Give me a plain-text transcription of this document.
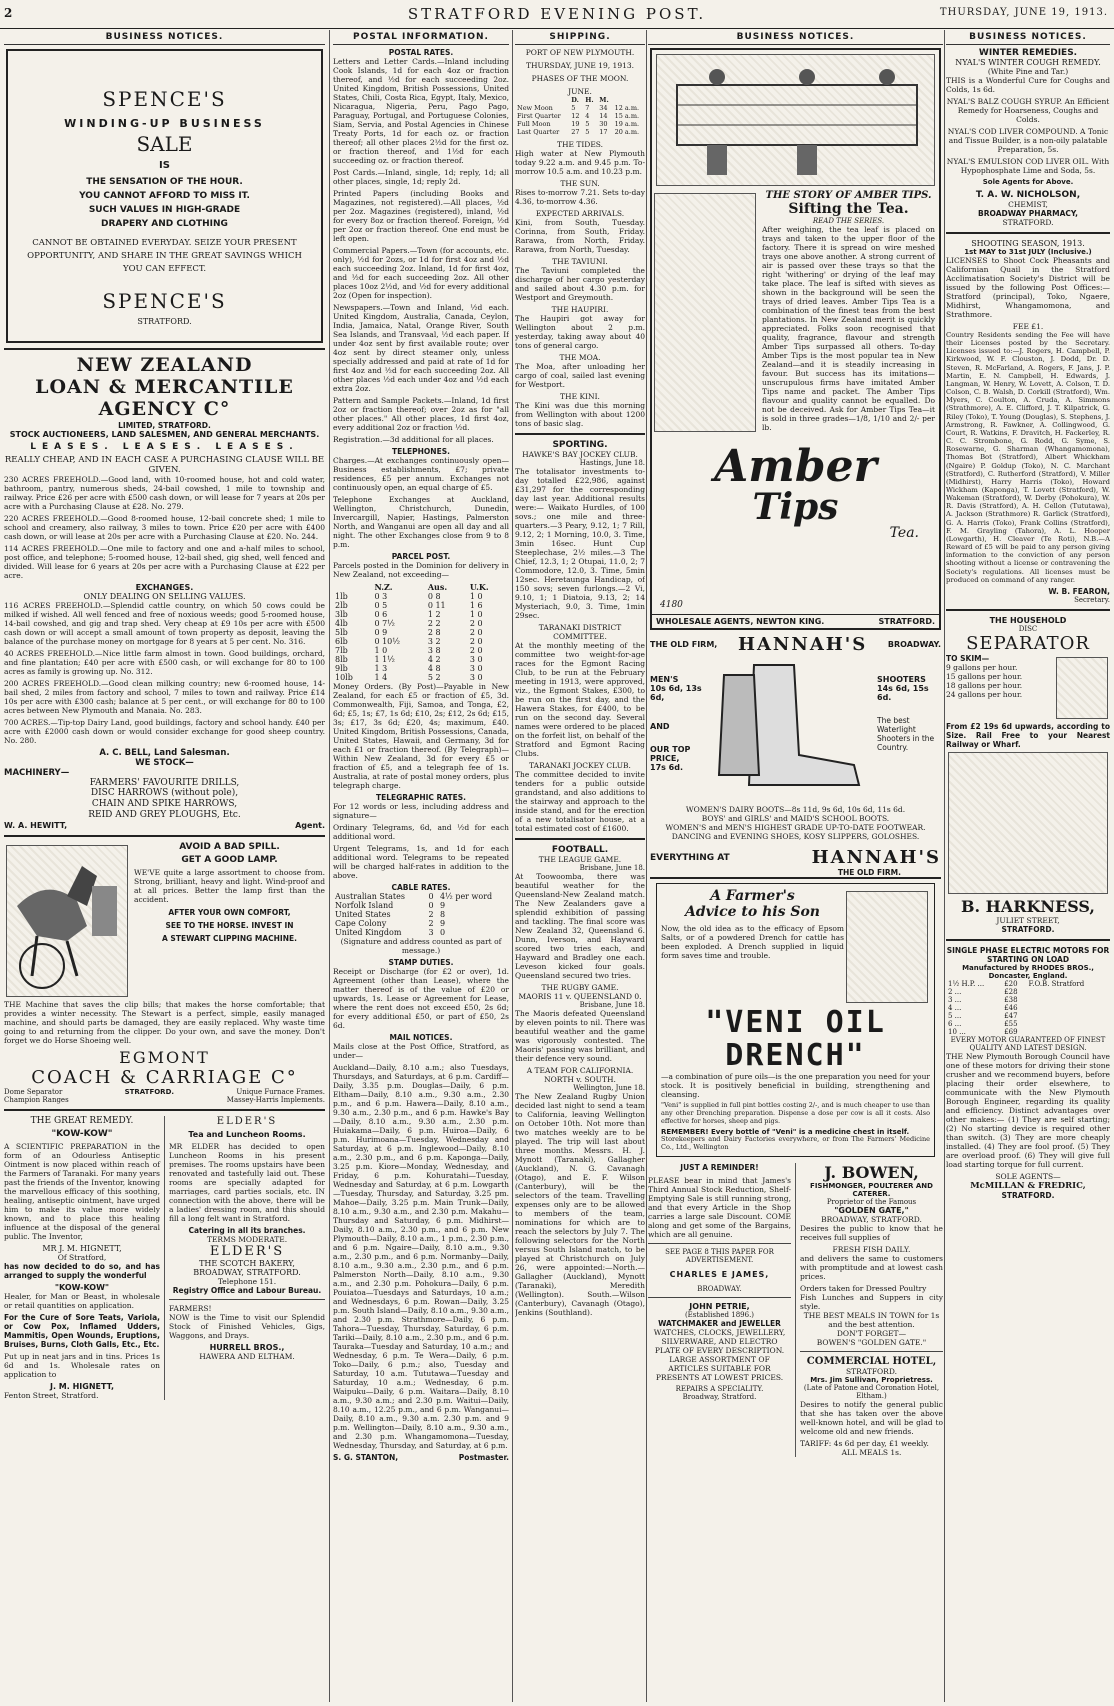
2	STRATFORD EVENING POST.	THURSDAY, JUNE 19, 1913.
BUSINESS NOTICES.
SPENCE'S
WINDING-UP BUSINESS
SALE
IS
THE SENSATION OF THE HOUR.
YOU CANNOT AFFORD TO MISS IT.
SUCH VALUES IN HIGH-GRADE
DRAPERY AND CLOTHING
CANNOT BE OBTAINED EVERYDAY. SEIZE YOUR PRESENT OPPORTUNITY, AND SHARE IN THE GREAT SAVINGS WHICH YOU CAN EFFECT.
SPENCE'S
STRATFORD.
NEW ZEALAND
LOAN & MERCANTILE
AGENCY C°
LIMITED, STRATFORD.
STOCK AUCTIONEERS, LAND SALESMEN, AND GENERAL MERCHANTS.
LEASES. LEASES. LEASES.
REALLY CHEAP, AND IN EACH CASE A PURCHASING CLAUSE WILL BE GIVEN.

230 ACRES FREEHOLD.—Good land, with 10-roomed house, hot and cold water, bathroom, pantry, numerous sheds, 24-bail cowshed, 1 mile to township and railway. Price £26 per acre with £500 cash down, or will lease for 7 years at 20s per acre with a Purchasing Clause at £28. No. 279.

220 ACRES FREEHOLD.—Good 8-roomed house, 12-bail concrete shed; 1 mile to school and creamery, also railway, 3 miles to town. Price £20 per acre with £400 cash down, or will lease at 20s per acre with a Purchasing Clause at £20. No. 244.

114 ACRES FREEHOLD.—One mile to factory and one and a-half miles to school, post office, and telephone; 5-roomed house, 12-bail shed, gig shed, well fenced and divided. Will lease for 6 years at 20s per acre with a Purchasing Clause at £22 per acre.

EXCHANGES.
ONLY DEALING ON SELLING VALUES.

116 ACRES FREEHOLD.—Splendid cattle country, on which 50 cows could be milked if wished. All well fenced and free of noxious weeds; good 5-roomed house, 14-bail cowshed, and gig and trap shed. Very cheap at £9 10s per acre with £500 cash down or will accept a small amount of town property as deposit, leaving the balance of the purchase money on mortgage for 8 years at 5 per cent. No. 316.

40 ACRES FREEHOLD.—Nice little farm almost in town. Good buildings, orchard, and fine plantation; £40 per acre with £500 cash, or will exchange for 80 to 100 acres as family is growing up. No. 312.

200 ACRES FREEHOLD.—Good clean milking country; new 6-roomed house, 14-bail shed, 2 miles from factory and school, 7 miles to town and railway. Price £14 10s per acre with £300 cash; balance at 5 per cent., or will exchange for 80 to 100 acres between New Plymouth and Manaia. No. 283.

700 ACRES.—Tip-top Dairy Land, good buildings, factory and school handy. £40 per acre with £2000 cash down or would consider exchange for good sheep country. No. 280.

A. C. BELL, Land Salesman.
WE STOCK—
MACHINERY—
FARMERS' FAVOURITE DRILLS,
DISC HARROWS (without pole),
CHAIN AND SPIKE HARROWS,
REID AND GREY PLOUGHS, Etc.
W. A. HEWITT,	Agent.
AVOID A BAD SPILL.
GET A GOOD LAMP.

WE'VE quite a large assortment to choose from. Strong, brilliant, heavy and light. Wind-proof and at all prices. Better the lamp first than the accident.

AFTER YOUR OWN COMFORT,
SEE TO THE HORSE. INVEST IN
A STEWART CLIPPING MACHINE.

THE Machine that saves the clip bills; that makes the horse comfortable; that provides a winter necessity. The Stewart is a perfect, simple, easily managed machine, and should parts be damaged, they are easily replaced. Why waste time going to and returning from the clipper. Do your own, and save the money. Don't forget we do Horse Shoeing well.

EGMONT
COACH & CARRIAGE C°
Dome Separator	STRATFORD.	Unique Furnace Frames.
Champion Ranges	Massey-Harris Implements.
THE GREAT REMEDY.
"KOW-KOW"

A SCIENTIFIC PREPARATION in the form of an Odourless Antiseptic Ointment is now placed within reach of the Farmers of Taranaki. For many years past the friends of the Inventor, knowing the marvellous efficacy of this soothing, healing, antiseptic ointment, have urged him to make its value more widely known, and to place this healing influence at the disposal of the general public. The Inventor,

MR J. M. HIGNETT,
Of Stratford,

has now decided to do so, and has arranged to supply the wonderful

"KOW-KOW"

Healer, for Man or Beast, in wholesale or retail quantities on application.

For the Cure of Sore Teats, Variola, or Cow Pox, Inflamed Udders, Mammitis, Open Wounds, Eruptions, Bruises, Burns, Cloth Galls, Etc., Etc.

Put up in neat jars and in tins. Prices 1s 6d and 1s. Wholesale rates on application to

J. M. HIGNETT,
Fenton Street, Stratford.
ELDER'S
Tea and Luncheon Rooms.

MR ELDER has decided to open Luncheon Rooms in his present premises. The rooms upstairs have been renovated and tastefully laid out. These rooms are specially adapted for marriages, card parties socials, etc. IN connection with the above, there will be a ladies' dressing room, and this should fill a long felt want in Stratford.

Catering in all its branches.
TERMS MODERATE.
ELDER'S
THE SCOTCH BAKERY,
BROADWAY, STRATFORD.
Telephone 151.
Registry Office and Labour Bureau.
FARMERS!

NOW is the Time to visit our Splendid Stock of Finished Vehicles, Gigs, Waggons, and Drays.

HURRELL BROS.,
HAWERA AND ELTHAM.
POSTAL INFORMATION.
POSTAL RATES.

Letters and Letter Cards.—Inland including Cook Islands, 1d for each 4oz or fraction thereof, and ½d for each succeeding 2oz. United Kingdom, British Possessions, United States, Chili, Costa Rica, Egypt, Italy, Mexico, Nicaragua, Nigeria, Peru, Pago Pago, Paraguay, Portugal, and Portuguese Colonies, Siam, Servia, and Postal Agencies in Chinese Treaty Ports, 1d for each oz. or fraction thereof; all other places 2½d for the first oz. or fraction thereof, and 1½d for each succeeding oz. or fraction thereof.

Post Cards.—Inland, single, 1d; reply, 1d; all other places, single, 1d; reply 2d.

Printed Papers (including Books and Magazines, not registered).—All places, ½d per 2oz. Magazines (registered), inland, ½d for every 8oz or fraction thereof. Foreign, ½d per 2oz or fraction thereof. One end must be left open.

Commercial Papers.—Town (for accounts, etc. only), ½d for 2ozs, or 1d for first 4oz and ½d each succeeding 2oz. Inland, 1d for first 4oz, and ½d for each succeeding 2oz. All other places 10oz 2½d, and ½d for every additional 2oz (Open for inspection).

Newspapers.—Town and Inland, ½d each. United Kingdom, Australia, Canada, Ceylon, India, Jamaica, Natal, Orange River, South Sea Islands, and Transvaal, ½d each paper. If under 4oz sent by first available route; over 4oz sent by direct steamer only, unless specially addressed and paid at rate of 1d for first 4oz and ½d for each succeeding 2oz. All other places ½d each under 4oz and ½d each extra 2oz.

Pattern and Sample Packets.—Inland, 1d first 2oz or fraction thereof; over 2oz as for "all other places." All other places, 1d first 4oz, every additional 2oz or fraction ½d.

Registration.—3d additional for all places.

TELEPHONES.

Charges.—At exchanges continuously open—Business establishments, £7; private residences, £5 per annum. Exchanges not continuously open, an equal charge of £5.

Telephone Exchanges at Auckland, Wellington, Christchurch, Dunedin, Invercargill, Napier, Hastings, Palmerston North, and Wanganui are open all day and all night. The other Exchanges close from 9 to 8 p.m.

PARCEL POST.

Parcels posted in the Dominion for delivery in New Zealand, not exceeding—

	N.Z.	Aus.	U.K.
1lb	0 3	0 8	1 0
2lb	0 5	0 11	1 6
3lb	0 6	1 2	1 0
4lb	0 7½	2 2	2 0
5lb	0 9	2 8	2 0
6lb	0 10½	3 2	2 0
7lb	1 0	3 8	2 0
8lb	1 1½	4 2	3 0
9lb	1 3	4 8	3 0
10lb	1 4	5 2	3 0

Money Orders. (By Post)—Payable in New Zealand, for each £5 or fraction of £5, 3d. Commonwealth, Fiji, Samoa, and Tonga, £2, 6d; £5, 1s; £7, 1s 6d; £10, 2s; £12, 2s 6d; £15, 3s; £17, 3s 6d; £20, 4s; maximum, £40. United Kingdom, British Possessions, Canada, United States, Hawaii, and Germany, 3d for each £1 or fraction thereof. (By Telegraph)—Within New Zealand, 3d for every £5 or fraction of £5, and a telegraph fee of 1s. Australia, at rate of postal money orders, plus telegraph charge.

TELEGRAPHIC RATES.

For 12 words or less, including address and signature—

Ordinary Telegrams, 6d, and ½d for each additional word.

Urgent Telegrams, 1s, and 1d for each additional word. Telegrams to be repeated will be charged half-rates in addition to the above.

CABLE RATES.
Australian States	0	4½ per word
Norfolk Island	0	9
United States	2	8
Cape Colony	2	9
United Kingdom	3	0

(Signature and address counted as part of message.)

STAMP DUTIES.

Receipt or Discharge (for £2 or over), 1d. Agreement (other than Lease), where the matter thereof is of the value of £20 or upwards, 1s. Lease or Agreement for Lease, where the rent does not exceed £50, 2s 6d; for every additional £50, or part of £50, 2s 6d.

MAIL NOTICES.

Mails close at the Post Office, Stratford, as under—

Auckland—Daily, 8.10 a.m.; also Tuesdays, Thursdays, and Saturdays, at 6 p.m. Cardiff—Daily, 3.35 p.m. Douglas—Daily, 6 p.m. Eltham—Daily, 8.10 a.m., 9.30 a.m., 2.30 p.m., and 6 p.m. Hawera—Daily, 8.10 a.m., 9.30 a.m., 2.30 p.m., and 6 p.m. Hawke's Bay—Daily, 8.10 a.m., 9.30 a.m., 2.30 p.m. Huiakama—Daily, 6 p.m. Huiroa—Daily, 6 p.m. Hurimoana—Tuesday, Wednesday and Saturday, at 6 p.m. Inglewood—Daily, 8.10 a.m., 2.30 p.m., and 6 p.m. Kaponga—Daily, 3.25 p.m. Kiore—Monday, Wednesday, and Friday, 6 p.m. Kohuratahi—Tuesday, Wednesday and Saturday, at 6 p.m. Lowgarth—Tuesday, Thursday, and Saturday, 3.25 pm. Mahoe—Daily, 3.25 p.m. Main Trunk—Daily, 8.10 a.m., 9.30 a.m., and 2.30 p.m. Makahu—Thursday and Saturday, 6 p.m. Midhirst—Daily, 8.10 a.m., 2.30 p.m., and 6 p.m. New Plymouth—Daily, 8.10 a.m., 1 p.m., 2.30 p.m., and 6 p.m. Ngaire—Daily, 8.10 a.m., 9.30 a.m., 2.30 p.m., and 6 p.m. Normanby—Daily, 8.10 a.m., 9.30 a.m., 2.30 p.m., and 6 p.m. Palmerston North—Daily, 8.10 a.m., 9.30 a.m., and 2.30 p.m. Pohokura—Daily, 6 p.m. Pouiatoa—Tuesdays and Saturdays, 10 a.m.; and Wednesdays, 6 p.m. Rowan—Daily, 3.25 p.m. South Island—Daily, 8.10 a.m., 9.30 a.m., and 2.30 p.m. Strathmore—Daily, 6 p.m. Tahora—Tuesday, Thursday, Saturday, 6 p.m. Tariki—Daily, 8.10 a.m., 2.30 p.m., and 6 p.m. Tauraka—Tuesday and Saturday, 10 a.m.; and Wednesday, 6 p.m. Te Wera—Daily, 6 p.m. Toko—Daily, 6 p.m.; also, Tuesday and Saturday, 10 a.m. Tututawa—Tuesday and Saturday, 10 a.m.; Wednesday, 6 p.m. Waipuku—Daily, 6 p.m. Waitara—Daily, 8.10 a.m., 9.30 a.m.; and 2.30 p.m. Waitui—Daily, 8.10 a.m., 12.25 p.m., and 6 p.m. Wanganui—Daily, 8.10 a.m., 9.30 a.m. 2.30 p.m. and 9 p.m. Wellington—Daily, 8.10 a.m., 9.30 a.m., and 2.30 p.m. Whangamomona—Tuesday, Wednesday, Thursday, and Saturday, at 6 p.m.

S. G. STANTON,	Postmaster.
SHIPPING.
PORT OF NEW PLYMOUTH.
THURSDAY, JUNE 19, 1913.
PHASES OF THE MOON.
JUNE.
	D.	H.	M.	
New Moon	5	7	34	12 a.m.
First Quarter	12	4	14	15 a.m.
Full Moon	19	5	30	19 a.m.
Last Quarter	27	5	17	20 a.m.
THE TIDES.

High water at New Plymouth today 9.22 a.m. and 9.45 p.m. To-morrow 10.5 a.m. and 10.23 p.m.

THE SUN.

Rises to-morrow 7.21. Sets to-day 4.36, to-morrow 4.36.

EXPECTED ARRIVALS.

Kini, from South, Tuesday. Corinna, from South, Friday. Rarawa, from North, Friday. Rarawa, from North, Tuesday.

THE TAVIUNI.

The Taviuni completed the discharge of her cargo yesterday and sailed about 4.30 p.m. for Westport and Greymouth.

THE HAUPIRI.

The Haupiri got away for Wellington about 2 p.m. yesterday, taking away about 40 tons of general cargo.

THE MOA.

The Moa, after unloading her cargo of coal, sailed last evening for Westport.

THE KINI.

The Kini was due this morning from Wellington with about 1200 tons of basic slag.

SPORTING.
HAWKE'S BAY JOCKEY CLUB.
Hastings, June 18.

The totalisator investments to-day totalled £22,986, against £31,297 for the corresponding day last year. Additional results were:— Waikato Hurdles, of 100 sovs.; one mile and three-quarters.—3 Peary, 9.12, 1; 7 Rill, 9.12, 2; 1 Morning, 10.0, 3. Time, 3min 16sec. Hunt Cup Steeplechase, 2½ miles.—3 The Chief, 12.3, 1; 2 Otupai, 11.0, 2; 7 Commodore, 12.0, 3. Time, 5min 12sec. Heretaunga Handicap, of 150 sovs; seven furlongs.—2 Vi, 9.10, 1; 1 Diatoia, 9.13, 2; 14 Mysteriach, 9.0, 3. Time, 1min 29sec.

TARANAKI DISTRICT COMMITTEE.

At the monthly meeting of the committee two weight-for-age races for the Egmont Racing Club, to be run at the February meeting in 1913, were approved, viz., the Egmont Stakes, £300, to be run on the first day, and the Hawera Stakes, for £400, to be run on the second day. Several names were ordered to be placed on the forfeit list, on behalf of the Stratford and Egmont Racing Clubs.

TARANAKI JOCKEY CLUB.

The committee decided to invite tenders for a public outside grandstand, and also additions to the stairway and approach to the inside stand, and for the erection of a new totalisator house, at a total estimated cost of £1600.

FOOTBALL.
THE LEAGUE GAME.
Brisbane, June 18.

At Toowoomba, there was beautiful weather for the Queensland-New Zealand match. The New Zealanders gave a splendid exhibition of passing and tackling. The final score was New Zealand 32, Queensland 6. Dunn, Iverson, and Hayward scored two tries each, and Hayward and Bradley one each. Leveson kicked four goals. Queensland secured two tries.

THE RUGBY GAME.
MAORIS 11 v. QUEENSLAND 0.
Brisbane, June 18.

The Maoris defeated Queensland by eleven points to nil. There was beautiful weather and the game was vigorously contested. The Maoris' passing was brilliant, and their defence very sound.

A TEAM FOR CALIFORNIA.
NORTH v. SOUTH.
Wellington, June 18.

The New Zealand Rugby Union decided last night to send a team to California, leaving Wellington on October 10th. Not more than two matches weekly are to be played. The trip will last about three months. Messrs. H. J. Mynott (Taranaki), Gallagher (Auckland), N. G. Cavanagh (Otago), and E. F. Wilson (Canterbury), will be the selectors of the team. Travelling expenses only are to be allowed to members of the team, nominations for which are to reach the selectors by July 7. The following selectors for the North versus South Island match, to be played at Christchurch on July 26, were appointed:—North.—Gallagher (Auckland), Mynott (Taranaki), Meredith (Wellington). South.—Wilson (Canterbury), Cavanagh (Otago), Jenkins (Southland).

BUSINESS NOTICES.
THE STORY OF AMBER TIPS.
Sifting the Tea.
READ THE SERIES.

After weighing, the tea leaf is placed on trays and taken to the upper floor of the factory. There it is spread on wire meshed trays one above another. A strong current of air is passed over these trays so that the right 'withering' or drying of the leaf may take place. The leaf is sifted with sieves as shown in the background will be seen the trays of dried leaves. Amber Tips Tea is a combination of the finest teas from the best plantations. In New Zealand merit is quickly appreciated. Folks soon recognised that quality, fragrance, flavour and strength Amber Tips surpassed all others. To-day Amber Tips is the most popular tea in New Zealand—and it is steadily increasing in favour. But success has its imitations—unscrupulous firms have imitated Amber Tips name and packet. The Amber Tips flavour and quality cannot be equalled. Do not be deceived. Ask for Amber Tips Tea—it is sold in three grades—1/8, 1/10 and 2/- per lb.

Amber
Tips
Tea.
4180
WHOLESALE AGENTS, NEWTON KING.	STRATFORD.
THE OLD FIRM, HANNAH'S	BROADWAY.
MEN'S
10s 6d, 13s 6d,
AND
OUR TOP PRICE,
17s 6d.
SHOOTERS
14s 6d, 15s 6d.
The best Waterlight Shooters in the Country.
WOMEN'S DAIRY BOOTS—8s 11d, 9s 6d, 10s 6d, 11s 6d.
BOYS' and GIRLS' and MAID'S SCHOOL BOOTS.
WOMEN'S and MEN'S HIGHEST GRADE UP-TO-DATE FOOTWEAR.
DANCING and EVENING SHOES, KOSY SLIPPERS, GOLOSHES.
EVERYTHING AT	HANNAH'S
THE OLD FIRM.
A Farmer's
Advice to his Son

Now, the old idea as to the efficacy of Epsom Salts, or of a powdered Drench for cattle has been exploded. A Drench supplied in liquid form saves time and trouble.

"VENI OIL
DRENCH"

—a combination of pure oils—is the one preparation you need for your stock. It is positively beneficial in building, strengthening and cleansing.

"Veni" is supplied in full pint bottles costing 2/-, and is much cheaper to use than any other Drenching preparation. Dispense a dose per cow is all it costs. Also effective for horses, sheep and pigs.

REMEMBER! Every bottle of "Veni" is a medicine chest in itself.
Storekeepers and Dairy Factories everywhere, or from The Farmers' Medicine Co., Ltd., Wellington
JUST A REMINDER!

PLEASE bear in mind that James's Third Annual Stock Reduction, Shelf-Emptying Sale is still running strong, and that every Article in the Shop carries a large sale Discount. COME along and get some of the Bargains, which are all genuine.

SEE PAGE 8 THIS PAPER FOR ADVERTISEMENT.
CHARLES E JAMES,
BROADWAY.
JOHN PETRIE,
(Established 1896.)
WATCHMAKER and JEWELLER

WATCHES, CLOCKS, JEWELLERY, SILVERWARE, AND ELECTRO PLATE OF EVERY DESCRIPTION. LARGE ASSORTMENT OF ARTICLES SUITABLE FOR PRESENTS AT LOWEST PRICES.

REPAIRS A SPECIALITY.
Broadway, Stratford.
J. BOWEN,
FISHMONGER, POULTERER AND CATERER.
Proprietor of the Famous
"GOLDEN GATE,"
BROADWAY, STRATFORD.

Desires the public to know that he receives full supplies of

FRESH FISH DAILY.

and delivers the same to customers with promptitude and at lowest cash prices.

Orders taken for Dressed Poultry
Fish Lunches and Suppers in city style.
THE BEST MEALS IN TOWN for 1s and the best attention.
DON'T FORGET—
BOWEN'S "GOLDEN GATE."
COMMERCIAL HOTEL,
STRATFORD.
Mrs. Jim Sullivan, Proprietress.
(Late of Patone and Coronation Hotel, Eltham.)

Desires to notify the general public that she has taken over the above well-known hotel, and will be glad to welcome old and new friends.

TARIFF: 4s 6d per day, £1 weekly.
ALL MEALS 1s.
BUSINESS NOTICES.
WINTER REMEDIES.
NYAL'S WINTER COUGH REMEDY.
(White Pine and Tar.)

THIS is a Wonderful Cure for Coughs and Colds, 1s 6d.

NYAL'S BALZ COUGH SYRUP. An Efficient Remedy for Hoarseness, Coughs and Colds.

NYAL'S COD LIVER COMPOUND. A Tonic and Tissue Builder, is a non-oily palatable Preparation, 5s.

NYAL'S EMULSION COD LIVER OIL. With Hypophosphate Lime and Soda, 5s.

Sole Agents for Above.
T. A. W. NICHOLSON,
CHEMIST,
BROADWAY PHARMACY,
STRATFORD.
SHOOTING SEASON, 1913.
1st MAY to 31st JULY (Inclusive.)

LICENSES to Shoot Cock Pheasants and Californian Quail in the Stratford Acclimatisation Society's District will be issued by the following Post Offices:— Stratford (principal), Toko, Ngaere, Midhirst, Whangamomona, and Strathmore.

FEE £1.

Country Residents sending the Fee will have their Licenses posted by the Secretary. Licenses issued to:—J. Rogers, H. Campbell, P. Kirkwood, W. F. Clouston, J. Dodd, Dr. D. Steven, R. McFarland, A. Rogers, F. Jans, J. P. Martin, E. N. Campbell, H. Edwards, J. Langman, W. Henry, W. Lovett, A. Colson, T. D. Colson, C. B. Walsh, D. Corkill (Stratford), Wm. Myers, C. Coulton, A. Cruda, A. Simmons (Strathmore), A. E. Clifford, J. T. Kilpatrick, G. Riley (Toko), T. Young (Douglas), S. Stephens, J. Armstrong, R. Fawkner, A. Collingwood, G. Court, R. Watkins, F. Dravitch, H. Fackerley, R. C. C. Strombone, G. Rodd, G. Syme, S. Rosewarne, G. Sharman (Whangamomona), Thomas Bot (Stratford), Albert Whickham (Ngaire) P. Goldup (Toko), N. C. Marchant (Stratford), C. Rutherford (Stratford), V. Miller (Midhirst), Harry Harris (Toko), Howard Wickham (Kaponga), T. Lovett (Stratford), W. Wakeman (Stratford), W. Derby (Pohokura), W. R. Davis (Stratford), A. H. Cellon (Tututawa), A. Jackson (Strathmore) R. Garlick (Stratford), G. A. Harris (Toko), Frank Collins (Stratford), F. M. Grayling (Tahora), A. L. Hooper (Lowgarth), H. Cleaver (Te Roti), N.B.—A Reward of £5 will be paid to any person giving information to the conviction of any person shooting without a license or contravening the Society's regulations. All licenses must be produced on command of any ranger.

W. B. FEARON,
Secretary.
THE HOUSEHOLD
DISC
SEPARATOR
TO SKIM—
9 gallons per hour.
15 gallons per hour.
18 gallons per hour.
24 gallons per hour.

From £2 19s 6d upwards, according to Size. Rail Free to your Nearest Railway or Wharf.

B. HARKNESS,
JULIET STREET,
STRATFORD.
SINGLE PHASE ELECTRIC MOTORS FOR STARTING ON LOAD
Manufactured by RHODES BROS., Doncaster, England.
1½ H.P. ...	£20	F.O.B. Stratford
2 ...	£28	
3 ...	£38	
4 ...	£46	
5 ...	£47	
6 ...	£55	
10 ...	£69	
EVERY MOTOR GUARANTEED OF FINEST QUALITY AND LATEST DESIGN.

THE New Plymouth Borough Council have one of these motors for driving their stone crusher and we recommend buyers, before placing their order elsewhere, to communicate with the New Plymouth Borough Engineer, regarding its quality and efficiency. Distinct advantages over other makes:— (1) They are self starting; (2) No starting device is required other than switch. (3) They are more cheaply installed. (4) They are fool proof. (5) They are overload proof. (6) They will give full load starting torque for full current.

SOLE AGENTS—
McMILLAN & FREDRIC,
STRATFORD.
